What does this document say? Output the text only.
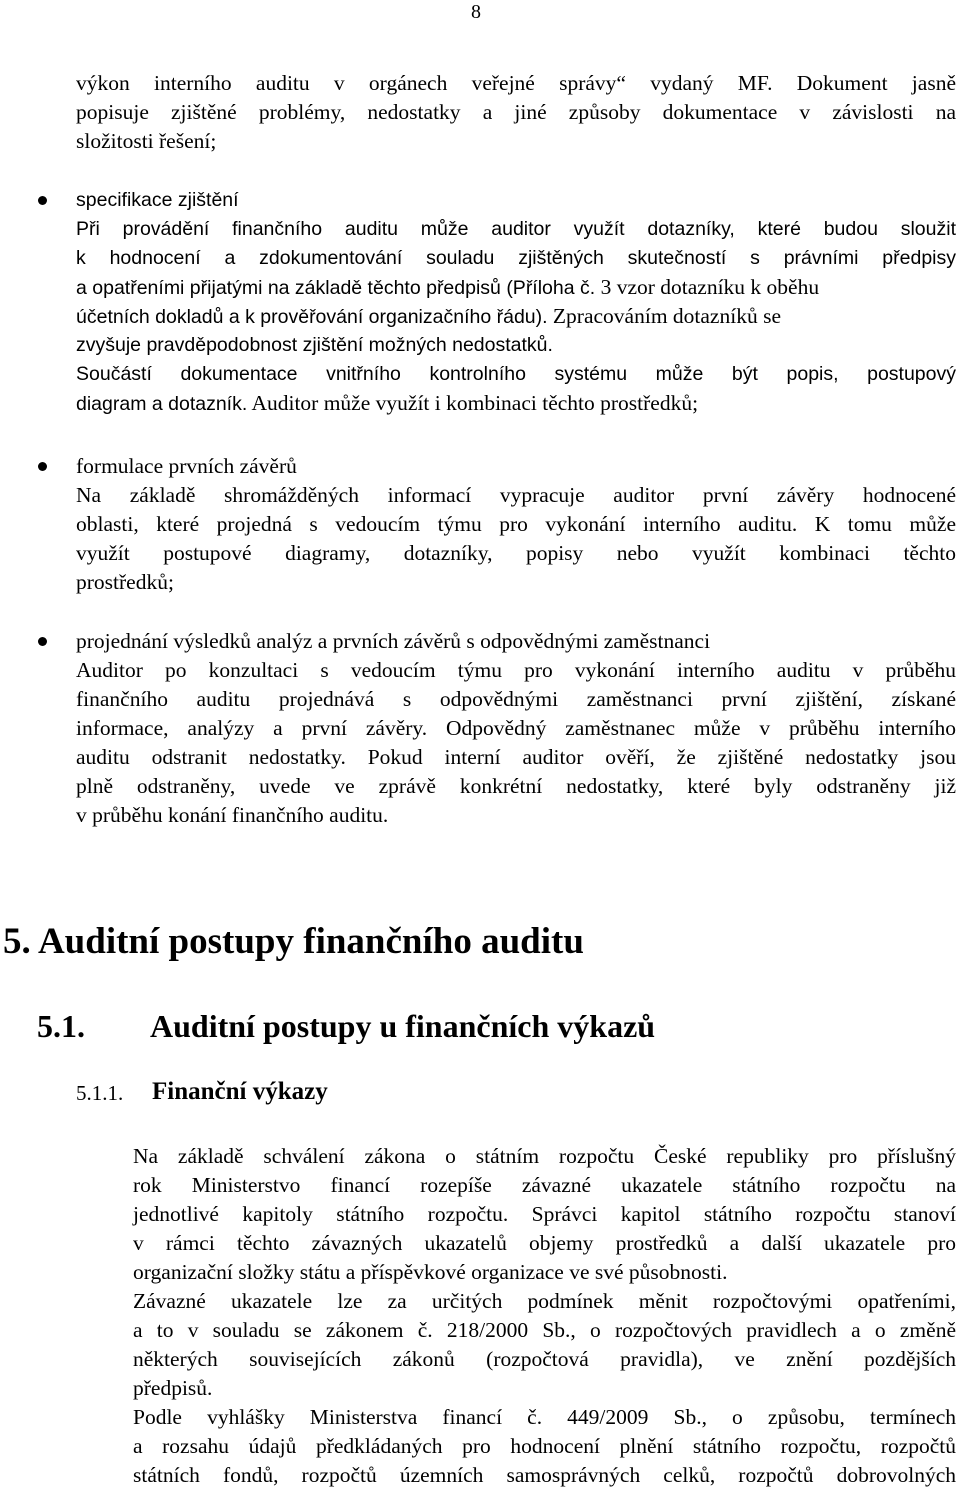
8
výkon interního auditu v orgánech veřejné správy“ vydaný MF. Dokument jasně
popisuje zjištěné problémy, nedostatky a jiné způsoby dokumentace v závislosti na
složitosti řešení;
specifikace zjištění
Při provádění finančního auditu může auditor využít dotazníky, které budou sloužit
k hodnocení a zdokumentování souladu zjištěných skutečností s právními předpisy
a opatřeními přijatými na základě těchto předpisů (Příloha č. 3 vzor dotazníku k oběhu
účetních dokladů a k prověřování organizačního řádu). Zpracováním dotazníků se
zvyšuje pravděpodobnost zjištění možných nedostatků.
Součástí dokumentace vnitřního kontrolního systému může být popis, postupový
diagram a dotazník. Auditor může využít i kombinaci těchto prostředků;
formulace prvních závěrů
Na základě shromážděných informací vypracuje auditor první závěry hodnocené
oblasti, které projedná s vedoucím týmu pro vykonání interního auditu. K tomu může
využít postupové diagramy, dotazníky, popisy nebo využít kombinaci těchto
prostředků;
projednání výsledků analýz a prvních závěrů s odpovědnými zaměstnanci
Auditor po konzultaci s vedoucím týmu pro vykonání interního auditu v průběhu
finančního auditu projednává s odpovědnými zaměstnanci první zjištění, získané
informace, analýzy a první závěry. Odpovědný zaměstnanec může v průběhu interního
auditu odstranit nedostatky. Pokud interní auditor ověří, že zjištěné nedostatky jsou
plně odstraněny, uvede ve zprávě konkrétní nedostatky, které byly odstraněny již
v průběhu konání finančního auditu.
5. Auditní postupy finančního auditu
5.1. Auditní postupy u finančních výkazů
5.1.1. Finanční výkazy
Na základě schválení zákona o státním rozpočtu České republiky pro příslušný
rok Ministerstvo financí rozepíše závazné ukazatele státního rozpočtu na
jednotlivé kapitoly státního rozpočtu. Správci kapitol státního rozpočtu stanoví
v rámci těchto závazných ukazatelů objemy prostředků a další ukazatele pro
organizační složky státu a příspěvkové organizace ve své působnosti.
Závazné ukazatele lze za určitých podmínek měnit rozpočtovými opatřeními,
a to v souladu se zákonem č. 218/2000 Sb., o rozpočtových pravidlech a o změně
některých souvisejících zákonů (rozpočtová pravidla), ve znění pozdějších
předpisů.
Podle vyhlášky Ministerstva financí č. 449/2009 Sb., o způsobu, termínech
a rozsahu údajů předkládaných pro hodnocení plnění státního rozpočtu, rozpočtů
státních fondů, rozpočtů územních samosprávných celků, rozpočtů dobrovolných
